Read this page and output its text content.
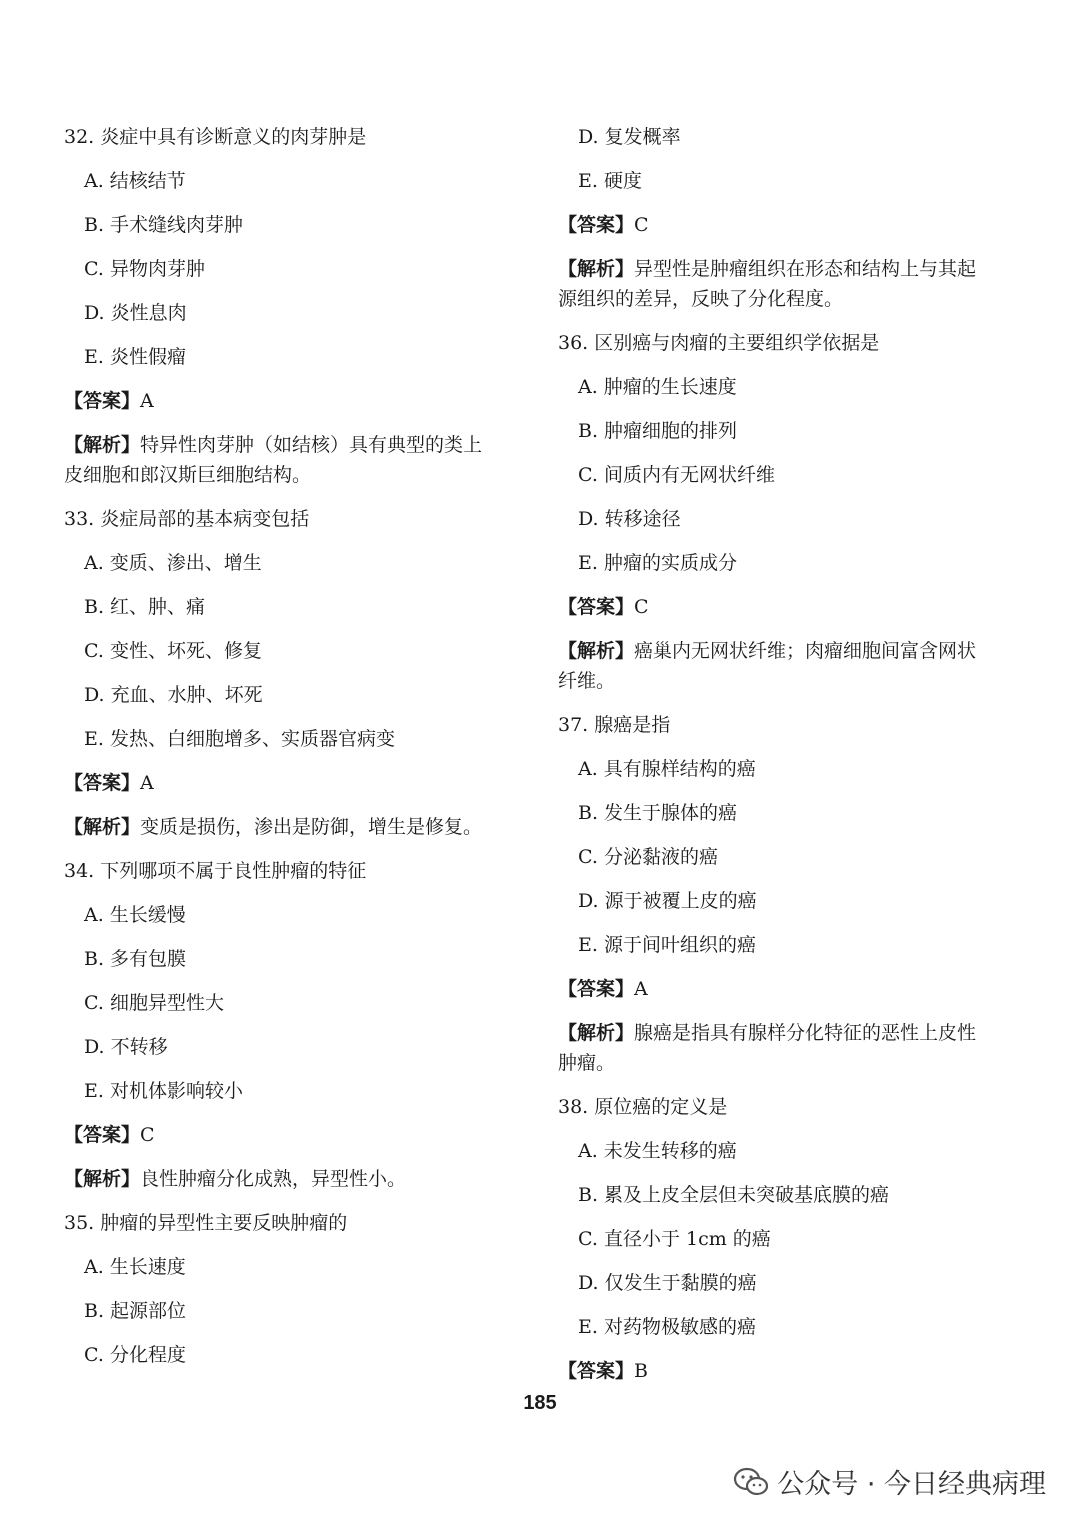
32. 炎症中具有诊断意义的肉芽肿是

A. 结核结节

B. 手术缝线肉芽肿

C. 异物肉芽肿

D. 炎性息肉

E. 炎性假瘤

【答案】A

【解析】特异性肉芽肿（如结核）具有典型的类上

皮细胞和郎汉斯巨细胞结构。

33. 炎症局部的基本病变包括

A. 变质、渗出、增生

B. 红、肿、痛

C. 变性、坏死、修复

D. 充血、水肿、坏死

E. 发热、白细胞增多、实质器官病变

【答案】A

【解析】变质是损伤，渗出是防御，增生是修复。

34. 下列哪项不属于良性肿瘤的特征

A. 生长缓慢

B. 多有包膜

C. 细胞异型性大

D. 不转移

E. 对机体影响较小

【答案】C

【解析】良性肿瘤分化成熟，异型性小。

35. 肿瘤的异型性主要反映肿瘤的

A. 生长速度

B. 起源部位

C. 分化程度

D. 复发概率

E. 硬度

【答案】C

【解析】异型性是肿瘤组织在形态和结构上与其起

源组织的差异，反映了分化程度。

36. 区别癌与肉瘤的主要组织学依据是

A. 肿瘤的生长速度

B. 肿瘤细胞的排列

C. 间质内有无网状纤维

D. 转移途径

E. 肿瘤的实质成分

【答案】C

【解析】癌巢内无网状纤维；肉瘤细胞间富含网状

纤维。

37. 腺癌是指

A. 具有腺样结构的癌

B. 发生于腺体的癌

C. 分泌黏液的癌

D. 源于被覆上皮的癌

E. 源于间叶组织的癌

【答案】A

【解析】腺癌是指具有腺样分化特征的恶性上皮性

肿瘤。

38. 原位癌的定义是

A. 未发生转移的癌

B. 累及上皮全层但未突破基底膜的癌

C. 直径小于 1cm 的癌

D. 仅发生于黏膜的癌

E. 对药物极敏感的癌

【答案】B

185
公众号 · 今日经典病理
